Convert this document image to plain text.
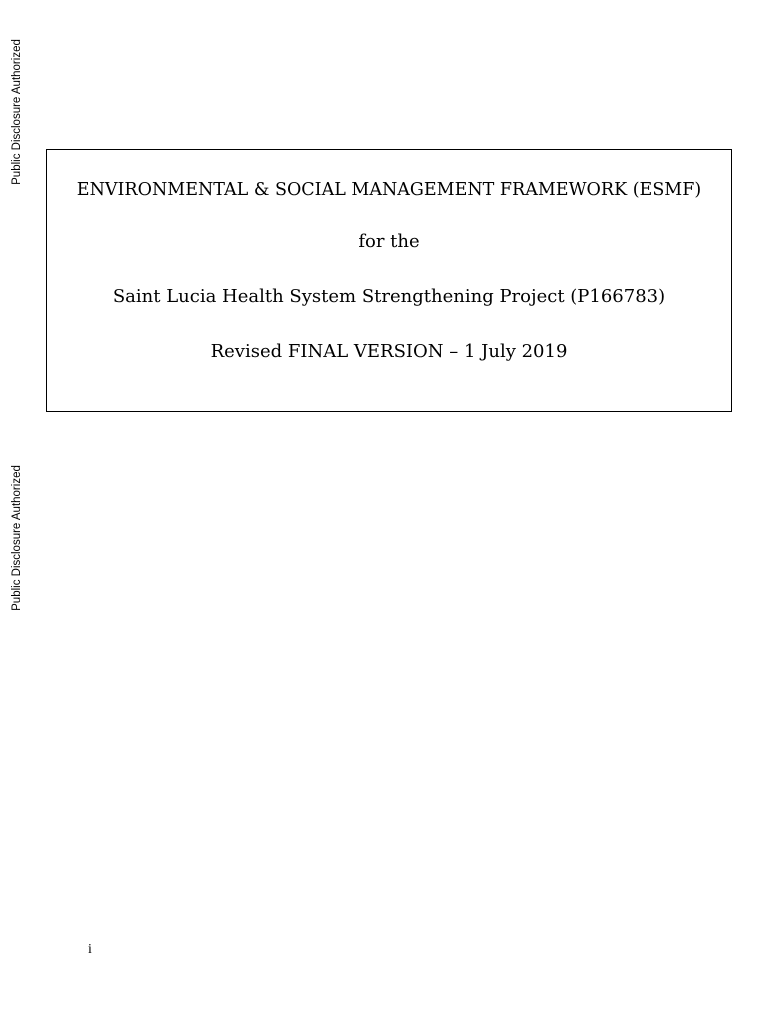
Public Disclosure Authorized
Public Disclosure Authorized
ENVIRONMENTAL & SOCIAL MANAGEMENT FRAMEWORK (ESMF)
for the
Saint Lucia Health System Strengthening Project (P166783)
Revised FINAL VERSION – 1 July 2019
i
